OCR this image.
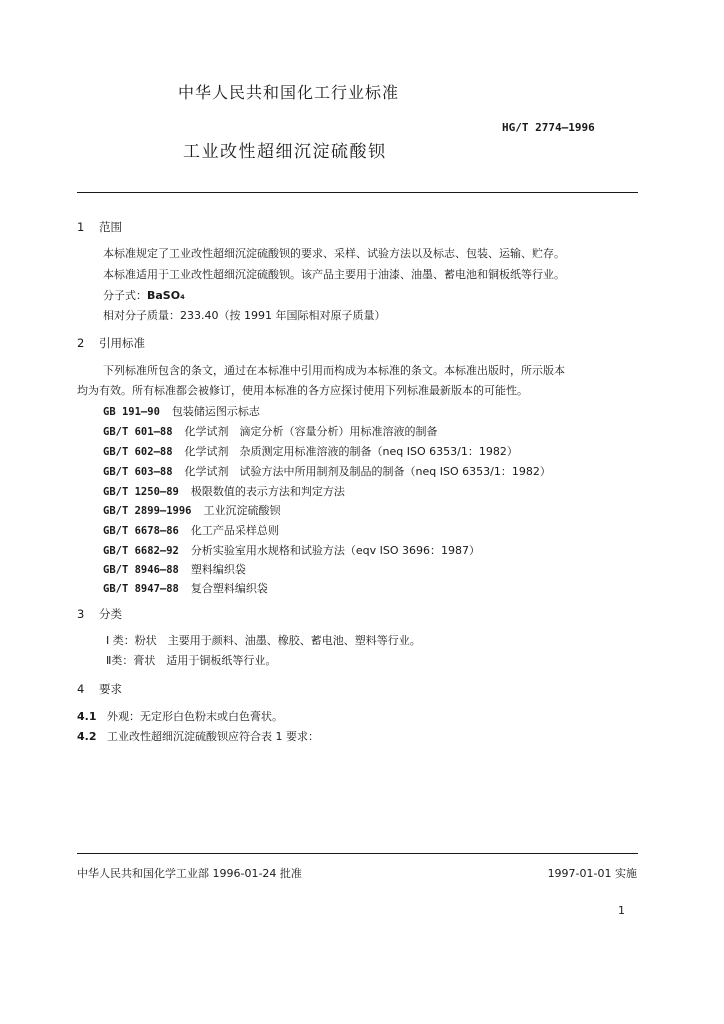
中华人民共和国化工行业标准
HG/T 2774—1996
工业改性超细沉淀硫酸钡
1 范围
本标准规定了工业改性超细沉淀硫酸钡的要求、采样、试验方法以及标志、包装、运输、贮存。
本标准适用于工业改性超细沉淀硫酸钡。该产品主要用于油漆、油墨、蓄电池和铜板纸等行业。
分子式：BaSO₄
相对分子质量：233.40（按 1991 年国际相对原子质量）
2 引用标准
下列标准所包含的条文，通过在本标准中引用而构成为本标准的条文。本标准出版时，所示版本
均为有效。所有标准都会被修订，使用本标准的各方应探讨使用下列标准最新版本的可能性。
GB 191—90 包装储运图示标志
GB/T 601—88 化学试剂　滴定分析（容量分析）用标准溶液的制备
GB/T 602—88 化学试剂　杂质测定用标准溶液的制备（neq ISO 6353/1：1982）
GB/T 603—88 化学试剂　试验方法中所用制剂及制品的制备（neq ISO 6353/1：1982）
GB/T 1250—89 极限数值的表示方法和判定方法
GB/T 2899—1996 工业沉淀硫酸钡
GB/T 6678—86 化工产品采样总则
GB/T 6682—92 分析实验室用水规格和试验方法（eqv ISO 3696：1987）
GB/T 8946—88 塑料编织袋
GB/T 8947—88 复合塑料编织袋
3 分类
I 类：粉状　主要用于颜料、油墨、橡胶、蓄电池、塑料等行业。
Ⅱ类：膏状　适用于铜板纸等行业。
4 要求
4.1 外观：无定形白色粉末或白色膏状。
4.2 工业改性超细沉淀硫酸钡应符合表 1 要求：
中华人民共和国化学工业部 1996-01-24 批准	1997-01-01 实施
1
